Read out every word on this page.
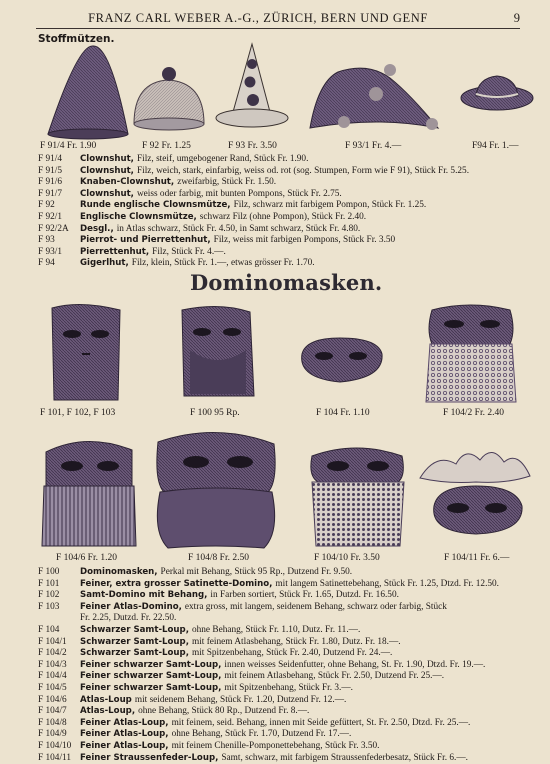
FRANZ CARL WEBER A.-G., ZÜRICH, BERN UND GENF	9
Stoffmützen.
F 91/4 Fr. 1.90	F 92 Fr. 1.25	F 93 Fr. 3.50	F 93/1 Fr. 4.—	F94 Fr. 1.—
F 91/4	Clownshut, Filz, steif, umgebogener Rand, Stück Fr. 1.90.
F 91/5	Clownshut, Filz, weich, stark, einfarbig, weiss od. rot (sog. Stumpen, Form wie F 91), Stück Fr. 5.25.
F 91/6	Knaben-Clownshut, zweifarbig, Stück Fr. 1.50.
F 91/7	Clownshut, weiss oder farbig, mit bunten Pompons, Stück Fr. 2.75.
F 92	Runde englische Clownsmütze, Filz, schwarz mit farbigem Pompon, Stück Fr. 1.25.
F 92/1	Englische Clownsmütze, schwarz Filz (ohne Pompon), Stück Fr. 2.40.
F 92/2A	Desgl., in Atlas schwarz, Stück Fr. 4.50, in Samt schwarz, Stück Fr. 4.80.
F 93	Pierrot- und Pierrettenhut, Filz, weiss mit farbigen Pompons, Stück Fr. 3.50
F 93/1	Pierrettenhut, Filz, Stück Fr. 4.—.
F 94	Gigerlhut, Filz, klein, Stück Fr. 1.—, etwas grösser Fr. 1.70.
Dominomasken.
F 101, F 102, F 103	F 100 95 Rp.	F 104 Fr. 1.10	F 104/2 Fr. 2.40
F 104/6 Fr. 1.20	F 104/8 Fr. 2.50	F 104/10 Fr. 3.50	F 104/11 Fr. 6.—
F 100	Dominomasken, Perkal mit Behang, Stück 95 Rp., Dutzend Fr. 9.50.
F 101	Feiner, extra grosser Satinette-Domino, mit langem Satinettebehang, Stück Fr. 1.25, Dtzd. Fr. 12.50.
F 102	Samt-Domino mit Behang, in Farben sortiert, Stück Fr. 1.65, Dutzd. Fr. 16.50.
F 103	Feiner Atlas-Domino, extra gross, mit langem, seidenem Behang, schwarz oder farbig, Stück
Fr. 2.25, Dutzd. Fr. 22.50.
F 104	Schwarzer Samt-Loup, ohne Behang, Stück Fr. 1.10, Dutz. Fr. 11.—.
F 104/1	Schwarzer Samt-Loup, mit feinem Atlasbehang, Stück Fr. 1.80, Dutz. Fr. 18.—.
F 104/2	Schwarzer Samt-Loup, mit Spitzenbehang, Stück Fr. 2.40, Dutzend Fr. 24.—.
F 104/3	Feiner schwarzer Samt-Loup, innen weisses Seidenfutter, ohne Behang, St. Fr. 1.90, Dtzd. Fr. 19.—.
F 104/4	Feiner schwarzer Samt-Loup, mit feinem Atlasbehang, Stück Fr. 2.50, Dutzend Fr. 25.—.
F 104/5	Feiner schwarzer Samt-Loup, mit Spitzenbehang, Stück Fr. 3.—.
F 104/6	Atlas-Loup mit seidenem Behang, Stück Fr. 1.20, Dutzend Fr. 12.—.
F 104/7	Atlas-Loup, ohne Behang, Stück 80 Rp., Dutzend Fr. 8.—.
F 104/8	Feiner Atlas-Loup, mit feinem, seid. Behang, innen mit Seide gefüttert, St. Fr. 2.50, Dtzd. Fr. 25.—.
F 104/9	Feiner Atlas-Loup, ohne Behang, Stück Fr. 1.70, Dutzend Fr. 17.—.
F 104/10	Feiner Atlas-Loup, mit feinem Chenille-Pomponettebehang, Stück Fr. 3.50.
F 104/11	Feiner Straussenfeder-Loup, Samt, schwarz, mit farbigem Straussenfederbesatz, Stück Fr. 6.—.
